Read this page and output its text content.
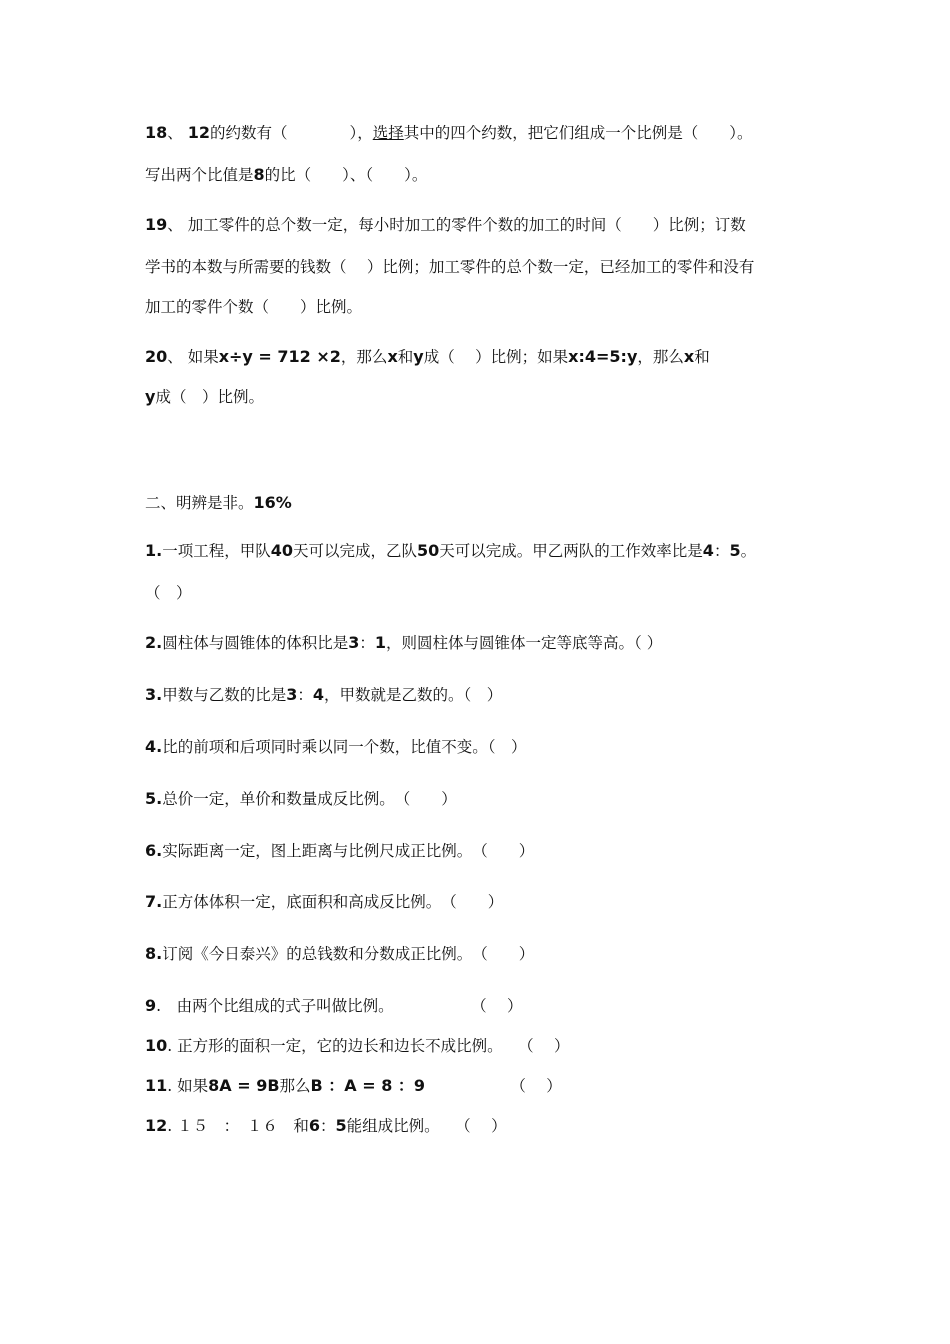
18、 12的约数有（　　　　），选择其中的四个约数，把它们组成一个比例是（　　）。
写出两个比值是8的比（　　）、（　　）。
19、 加工零件的总个数一定，每小时加工的零件个数的加工的时间（　　）比例；订数
学书的本数与所需要的钱数（　 ）比例；加工零件的总个数一定，已经加工的零件和没有
加工的零件个数（　　）比例。
20、 如果x÷y = 712 ×2，那么x和y成（　 ）比例；如果x:4=5:y，那么x和
y成（　）比例。
二、明辨是非。16%
1.一项工程，甲队40天可以完成，乙队50天可以完成。甲乙两队的工作效率比是4：5。
（　）
2.圆柱体与圆锥体的体积比是3：1，则圆柱体与圆锥体一定等底等高。（ ）
3.甲数与乙数的比是3：4，甲数就是乙数的。（　）
4.比的前项和后项同时乘以同一个数，比值不变。（　）
5.总价一定，单价和数量成反比例。　（　　）
6.实际距离一定，图上距离与比例尺成正比例。　（　　）
7.正方体体积一定，底面积和高成反比例。　（　　）
8.订阅《今日泰兴》的总钱数和分数成正比例。　（　　）
9.　由两个比组成的式子叫做比例。　　　　　　（　 ）
10. 正方形的面积一定，它的边长和边长不成比例。　　（　 ）
11. 如果8A = 9B那么B ：A = 8 ：9　　　　　　（　 ）
12. １５　：　１６　和6：5能组成比例。　　（　 ）
